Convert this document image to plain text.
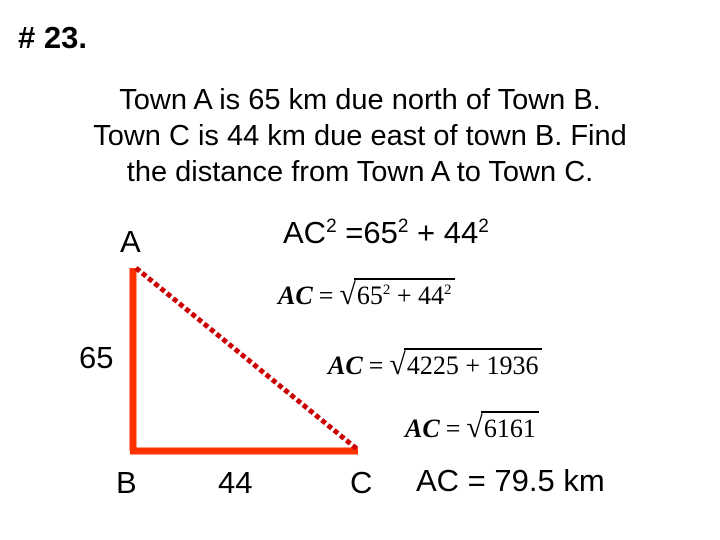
# 23.
Town A is 65 km due north of Town B.
Town C is 44 km due east of town B. Find
the distance from Town A to Town C.
A
65
B	44	C
$AC^2 =65^2 + 44^2$
AC = $√65^2 + 44^2$
AC = √4225 + 1936
AC = √6161
AC = 79.5 km
